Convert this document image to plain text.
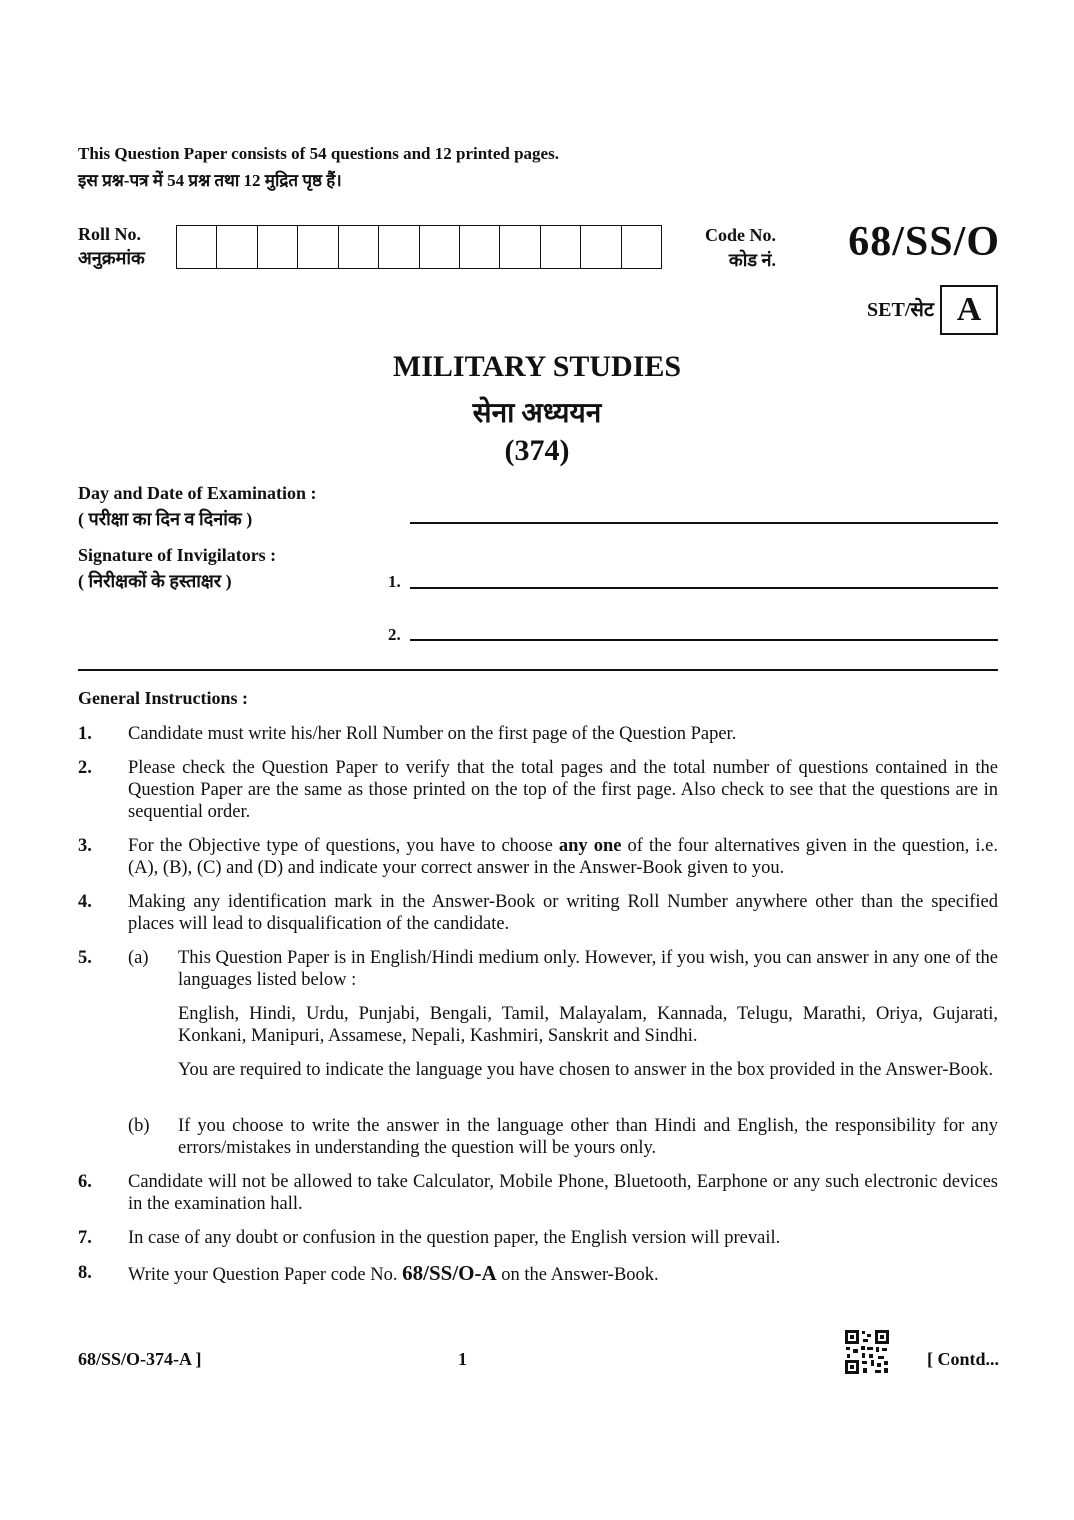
This Question Paper consists of 54 questions and 12 printed pages.
इस प्रश्न-पत्र में 54 प्रश्न तथा 12 मुद्रित पृष्ठ हैं।
Roll No.
अनुक्रमांक
Code No.
कोड नं.	68/SS/O
SET/सेट A
MILITARY STUDIES
सेना अध्ययन
(374)
Day and Date of Examination :
( परीक्षा का दिन व दिनांक )
Signature of Invigilators :
( निरीक्षकों के हस्ताक्षर )	1.
2.
General Instructions :
1. Candidate must write his/her Roll Number on the first page of the Question Paper.
2. Please check the Question Paper to verify that the total pages and the total number of questions contained in the Question Paper are the same as those printed on the top of the first page. Also check to see that the questions are in sequential order.
3. For the Objective type of questions, you have to choose any one of the four alternatives given in the question, i.e. (A), (B), (C) and (D) and indicate your correct answer in the Answer-Book given to you.
4. Making any identification mark in the Answer-Book or writing Roll Number anywhere other than the specified places will lead to disqualification of the candidate.
5. (a) This Question Paper is in English/Hindi medium only. However, if you wish, you can answer in any one of the languages listed below :
English, Hindi, Urdu, Punjabi, Bengali, Tamil, Malayalam, Kannada, Telugu, Marathi, Oriya, Gujarati, Konkani, Manipuri, Assamese, Nepali, Kashmiri, Sanskrit and Sindhi.
You are required to indicate the language you have chosen to answer in the box provided in the Answer-Book.
(b) If you choose to write the answer in the language other than Hindi and English, the responsibility for any errors/mistakes in understanding the question will be yours only.
6. Candidate will not be allowed to take Calculator, Mobile Phone, Bluetooth, Earphone or any such electronic devices in the examination hall.
7. In case of any doubt or confusion in the question paper, the English version will prevail.
8. Write your Question Paper code No. 68/SS/O-A on the Answer-Book.
68/SS/O-374-A ]	1	[ Contd...
